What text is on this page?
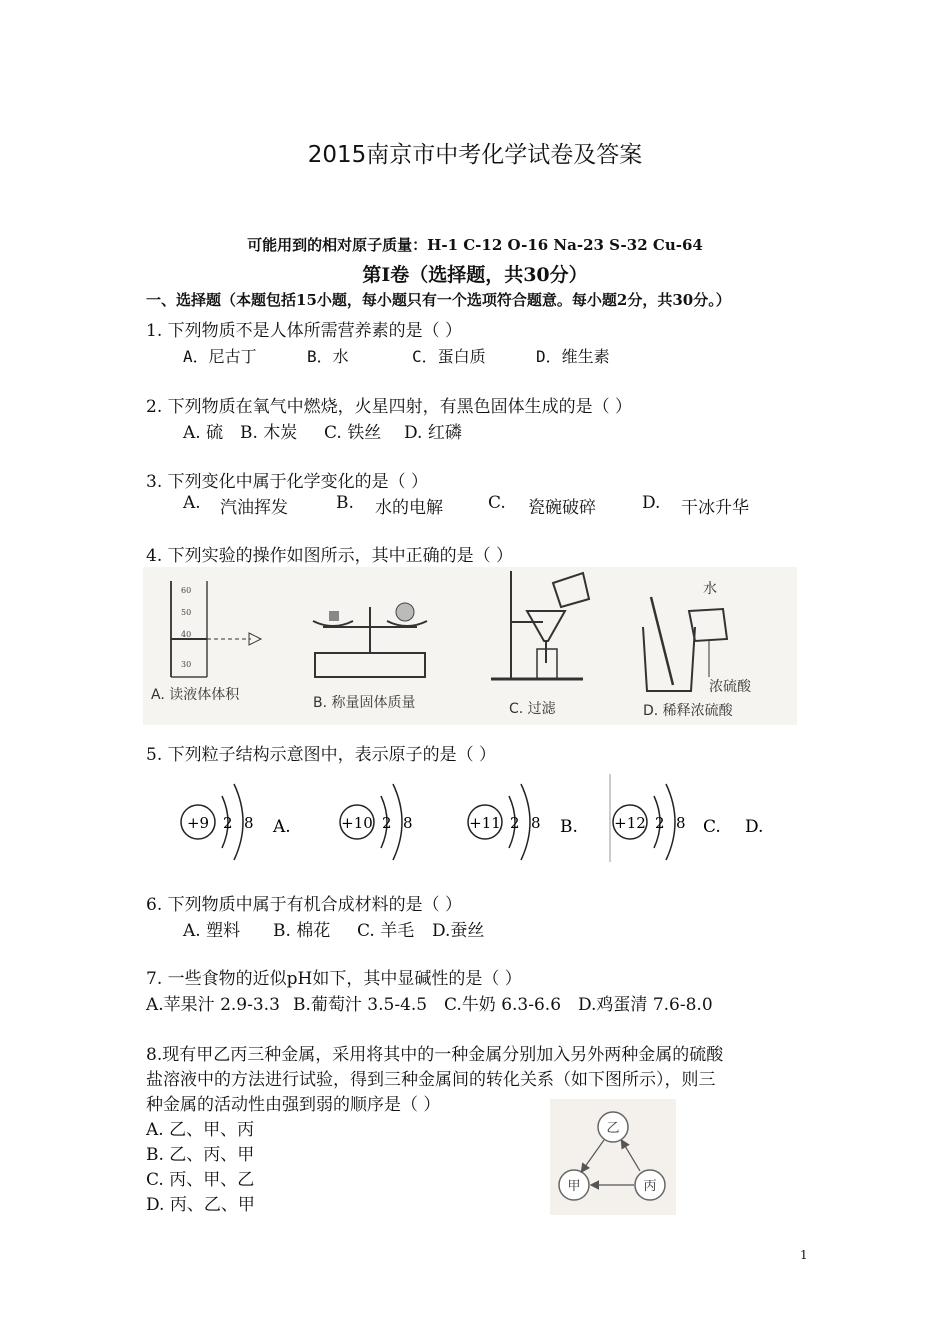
2015南京市中考化学试卷及答案
可能用到的相对原子质量：H-1 C-12 O-16 Na-23 S-32 Cu-64
第Ⅰ卷（选择题，共30分）
一、选择题（本题包括15小题，每小题只有一个选项符合题意。每小题2分，共30分。）
1. 下列物质不是人体所需营养素的是（ ）
A．尼古丁	B．水	C．蛋白质	D．维生素
2. 下列物质在氧气中燃烧，火星四射，有黑色固体生成的是（ ）
A. 硫 B. 木炭 C. 铁丝 D. 红磷
3. 下列变化中属于化学变化的是（ ）
A. 汽油挥发	B. 水的电解	C. 瓷碗破碎	D. 干冰升华
4. 下列实验的操作如图所示，其中正确的是（ ）
60
50
40
30
A. 读液体体积	B. 称量固体质量	C. 过滤
水
浓硫酸
D. 稀释浓硫酸
5. 下列粒子结构示意图中，表示原子的是（ ）
+9 2 8 A.	+10 2 8	+11 2 8 B. +12 2 8 C. D.
6. 下列物质中属于有机合成材料的是（ ）
A. 塑料 B. 棉花 C. 羊毛 D.蚕丝
7. 一些食物的近似pH如下，其中显碱性的是（ ）
A.苹果汁 2.9-3.3 B.葡萄汁 3.5-4.5 C.牛奶 6.3-6.6 D.鸡蛋清 7.6-8.0
8.现有甲乙丙三种金属，采用将其中的一种金属分别加入另外两种金属的硫酸
盐溶液中的方法进行试验，得到三种金属间的转化关系（如下图所示），则三
种金属的活动性由强到弱的顺序是（ ）
A. 乙、甲、丙
B. 乙、丙、甲
C. 丙、甲、乙
D. 丙、乙、甲
乙
甲	丙
1
